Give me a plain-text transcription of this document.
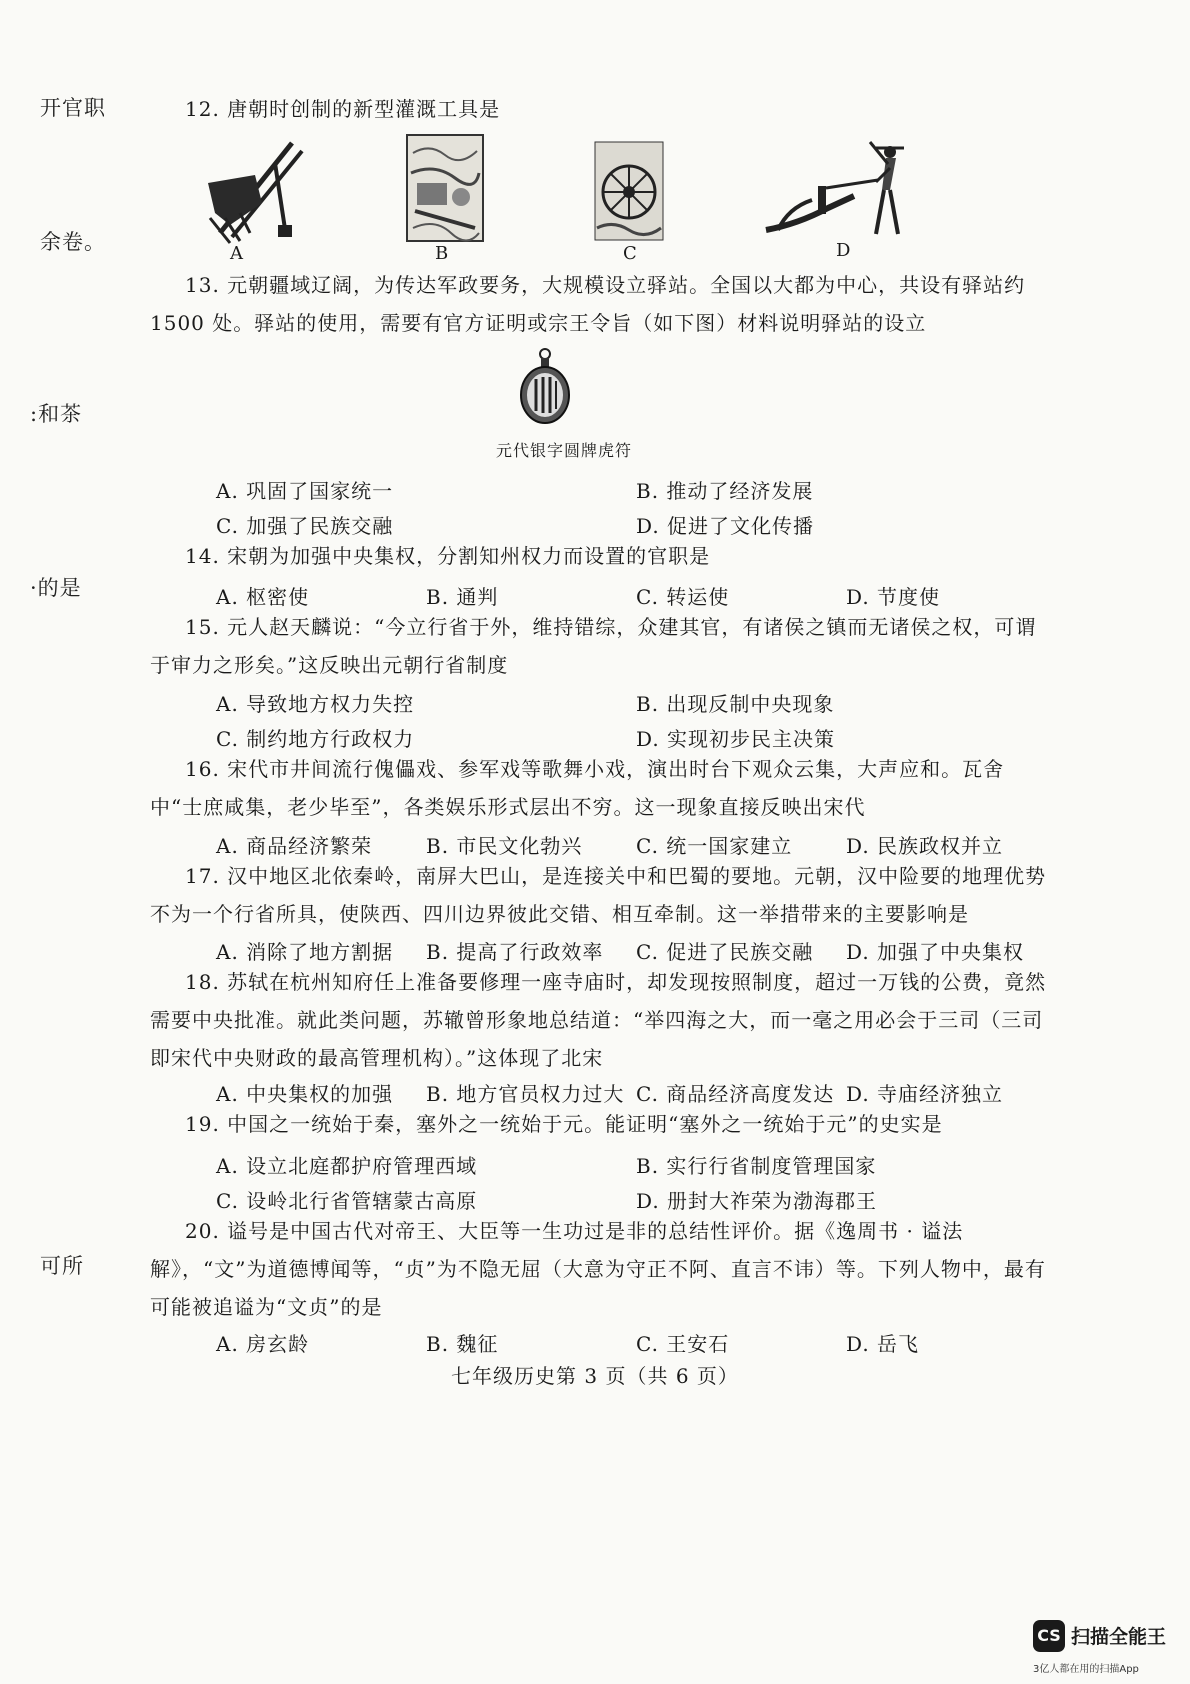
开官职
余卷。
:和茶
·的是
可所
12. 唐朝时创制的新型灌溉工具是
A	B	C	D
13. 元朝疆域辽阔，为传达军政要务，大规模设立驿站。全国以大都为中心，共设有驿站约1500 处。驿站的使用，需要有官方证明或宗王令旨（如下图）材料说明驿站的设立
元代银字圆牌虎符
A. 巩固了国家统一	B. 推动了经济发展
C. 加强了民族交融	D. 促进了文化传播
14. 宋朝为加强中央集权，分割知州权力而设置的官职是
A. 枢密使	B. 通判	C. 转运使	D. 节度使
15. 元人赵天麟说：“今立行省于外，维持错综，众建其官，有诸侯之镇而无诸侯之权，可谓于审力之形矣。”这反映出元朝行省制度
A. 导致地方权力失控	B. 出现反制中央现象
C. 制约地方行政权力	D. 实现初步民主决策
16. 宋代市井间流行傀儡戏、参军戏等歌舞小戏，演出时台下观众云集，大声应和。瓦舍中“士庶咸集，老少毕至”，各类娱乐形式层出不穷。这一现象直接反映出宋代
A. 商品经济繁荣	B. 市民文化勃兴	C. 统一国家建立	D. 民族政权并立
17. 汉中地区北依秦岭，南屏大巴山，是连接关中和巴蜀的要地。元朝，汉中险要的地理优势不为一个行省所具，使陕西、四川边界彼此交错、相互牵制。这一举措带来的主要影响是
A. 消除了地方割据	B. 提高了行政效率	C. 促进了民族交融	D. 加强了中央集权
18. 苏轼在杭州知府任上准备要修理一座寺庙时，却发现按照制度，超过一万钱的公费，竟然需要中央批准。就此类问题，苏辙曾形象地总结道：“举四海之大，而一毫之用必会于三司（三司即宋代中央财政的最高管理机构）。”这体现了北宋
A. 中央集权的加强	B. 地方官员权力过大 C. 商品经济高度发达 D. 寺庙经济独立
19. 中国之一统始于秦，塞外之一统始于元。能证明“塞外之一统始于元”的史实是
A. 设立北庭都护府管理西域	B. 实行行省制度管理国家
C. 设岭北行省管辖蒙古高原	D. 册封大祚荣为渤海郡王
20. 谥号是中国古代对帝王、大臣等一生功过是非的总结性评价。据《逸周书 · 谥法解》，“文”为道德博闻等，“贞”为不隐无屈（大意为守正不阿、直言不讳）等。下列人物中，最有可能被追谥为“文贞”的是
A. 房玄龄	B. 魏征	C. 王安石	D. 岳飞
七年级历史第 3 页（共 6 页）
CS 扫描全能王
3亿人都在用的扫描App
